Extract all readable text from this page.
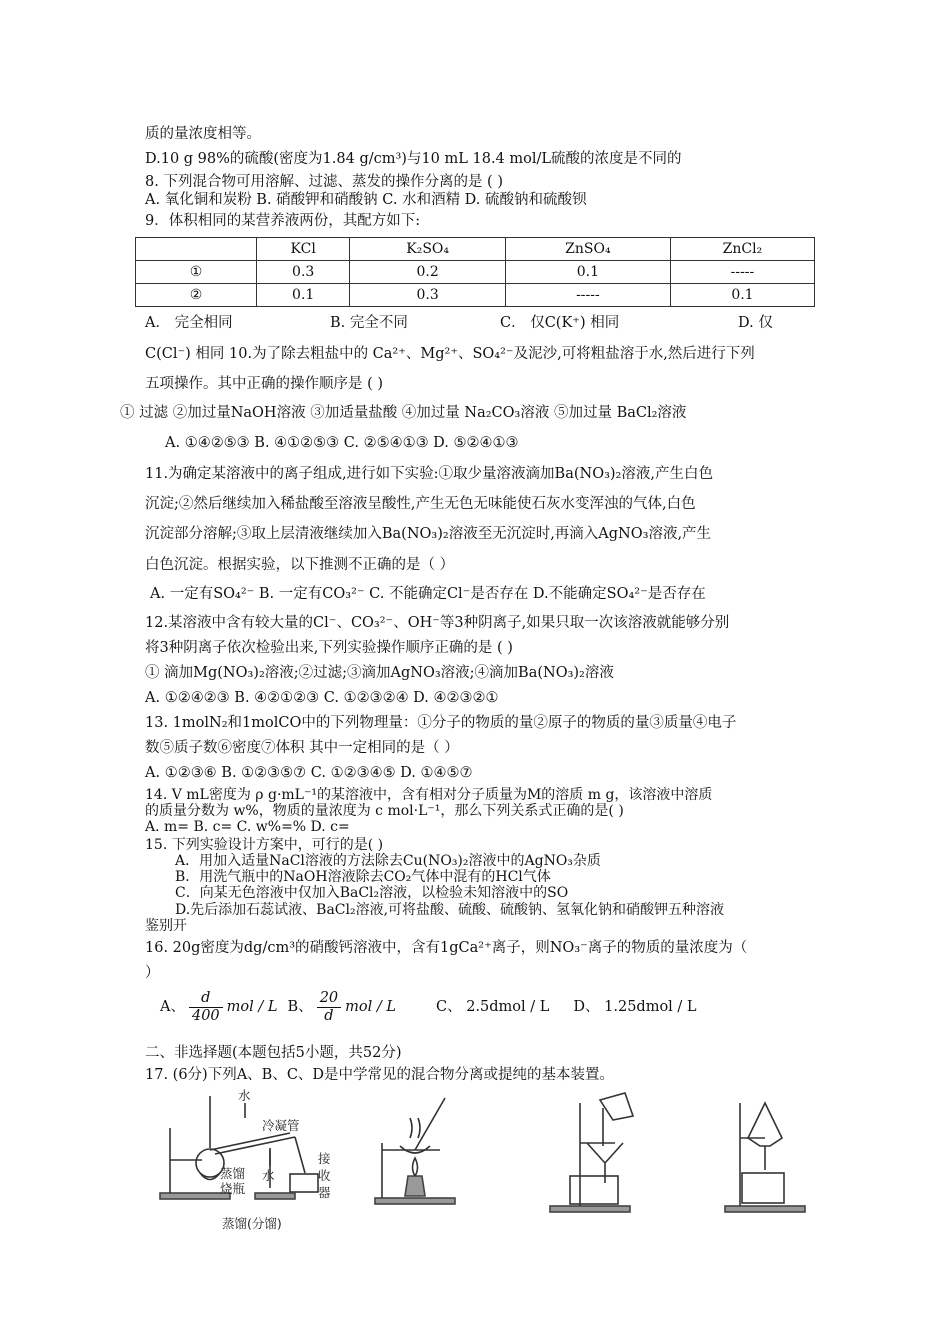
质的量浓度相等。
D.10 g 98%的硫酸(密度为1.84 g/cm³)与10 mL 18.4 mol/L硫酸的浓度是不同的
8. 下列混合物可用溶解、过滤、蒸发的操作分离的是 ( )
A. 氧化铜和炭粉 B. 硝酸钾和硝酸钠 C. 水和酒精 D. 硫酸钠和硫酸钡
9．体积相同的某营养液两份，其配方如下:
	KCl	K₂SO₄	ZnSO₄	ZnCl₂
①	0.3	0.2	0.1	-----
②	0.1	0.3	-----	0.1
A． 完全相同	B. 完全不同	C． 仅C(K⁺) 相同	D. 仅
C(Cl⁻) 相同 10.为了除去粗盐中的 Ca²⁺、Mg²⁺、SO₄²⁻及泥沙,可将粗盐溶于水,然后进行下列
五项操作。其中正确的操作顺序是 ( )
① 过滤 ②加过量NaOH溶液 ③加适量盐酸 ④加过量 Na₂CO₃溶液 ⑤加过量 BaCl₂溶液
A. ①④②⑤③ B. ④①②⑤③ C. ②⑤④①③ D. ⑤②④①③
11.为确定某溶液中的离子组成,进行如下实验:①取少量溶液滴加Ba(NO₃)₂溶液,产生白色
沉淀;②然后继续加入稀盐酸至溶液呈酸性,产生无色无味能使石灰水变浑浊的气体,白色
沉淀部分溶解;③取上层清液继续加入Ba(NO₃)₂溶液至无沉淀时,再滴入AgNO₃溶液,产生
白色沉淀。根据实验，以下推测不正确的是（ ）
A. 一定有SO₄²⁻ B. 一定有CO₃²⁻ C. 不能确定Cl⁻是否存在 D.不能确定SO₄²⁻是否存在
12.某溶液中含有较大量的Cl⁻、CO₃²⁻、OH⁻等3种阴离子,如果只取一次该溶液就能够分别
将3种阴离子依次检验出来,下列实验操作顺序正确的是 ( )
① 滴加Mg(NO₃)₂溶液;②过滤;③滴加AgNO₃溶液;④滴加Ba(NO₃)₂溶液
A. ①②④②③ B. ④②①②③ C. ①②③②④ D. ④②③②①
13. 1molN₂和1molCO中的下列物理量：①分子的物质的量②原子的物质的量③质量④电子
数⑤质子数⑥密度⑦体积 其中一定相同的是（ ）
A. ①②③⑥ B. ①②③⑤⑦ C. ①②③④⑤ D. ①④⑤⑦
14. V mL密度为 ρ g·mL⁻¹的某溶液中，含有相对分子质量为M的溶质 m g，该溶液中溶质
的质量分数为 w%，物质的量浓度为 c mol·L⁻¹，那么下列关系式正确的是( )
A. m= B. c= C. w%=% D. c=
15. 下列实验设计方案中，可行的是( )
A．用加入适量NaCl溶液的方法除去Cu(NO₃)₂溶液中的AgNO₃杂质
B．用洗气瓶中的NaOH溶液除去CO₂气体中混有的HCl气体
C．向某无色溶液中仅加入BaCl₂溶液，以检验未知溶液中的SO
D.先后添加石蕊试液、BaCl₂溶液,可将盐酸、硫酸、硫酸钠、氢氧化钠和硝酸钾五种溶液
鉴别开
16. 20g密度为dg/cm³的硝酸钙溶液中，含有1gCa²⁺离子，则NO₃⁻离子的物质的量浓度为（
）
A、 $\frac{d}{400}$ mol / L B、 $\frac{20}{d}$ mol / L	C、 2.5dmol / L D、 1.25dmol / L
二、非选择题(本题包括5小题，共52分)
17. (6分)下列A、B、C、D是中学常见的混合物分离或提纯的基本装置。
水
冷凝管
蒸馏
烧瓶
水
接
收
器
蒸馏(分馏)
